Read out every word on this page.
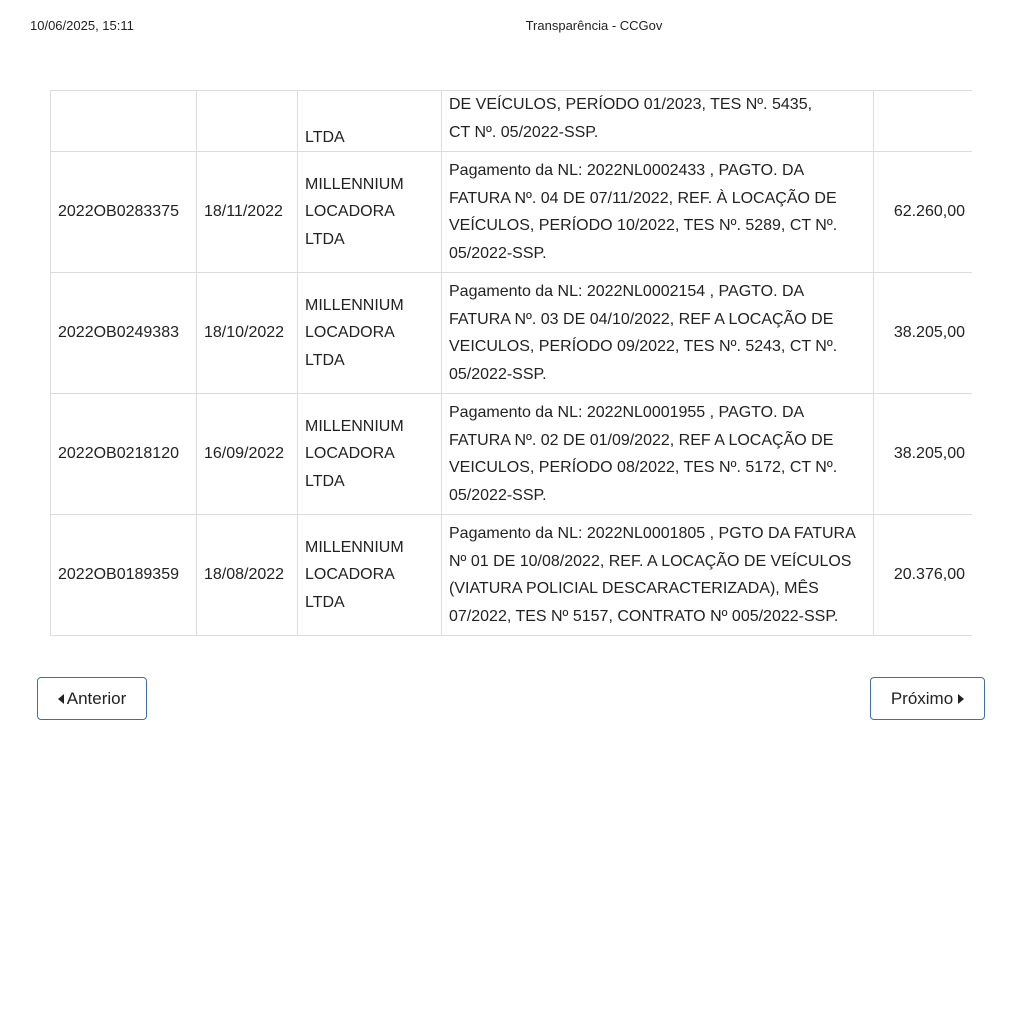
10/06/2025, 15:11	Transparência - CCGov
		LTDA	DE VEÍCULOS, PERÍODO 01/2023, TES Nº. 5435,
CT Nº. 05/2022-SSP.	

2022OB0283375	18/11/2022	MILLENNIUM LOCADORA LTDA	Pagamento da NL: 2022NL0002433 , PAGTO. DA FATURA Nº. 04 DE 07/11/2022, REF. À LOCAÇÃO DE VEÍCULOS, PERÍODO 10/2022, TES Nº. 5289, CT Nº. 05/2022-SSP.	62.260,00
2022OB0249383	18/10/2022	MILLENNIUM LOCADORA LTDA	Pagamento da NL: 2022NL0002154 , PAGTO. DA FATURA Nº. 03 DE 04/10/2022, REF A LOCAÇÃO DE VEICULOS, PERÍODO 09/2022, TES Nº. 5243, CT Nº. 05/2022-SSP.	38.205,00
2022OB0218120	16/09/2022	MILLENNIUM LOCADORA LTDA	Pagamento da NL: 2022NL0001955 , PAGTO. DA FATURA Nº. 02 DE 01/09/2022, REF A LOCAÇÃO DE VEICULOS, PERÍODO 08/2022, TES Nº. 5172, CT Nº. 05/2022-SSP.	38.205,00
2022OB0189359	18/08/2022	MILLENNIUM LOCADORA LTDA	Pagamento da NL: 2022NL0001805 , PGTO DA FATURA Nº 01 DE 10/08/2022, REF. A LOCAÇÃO DE VEÍCULOS (VIATURA POLICIAL DESCARACTERIZADA), MÊS 07/2022, TES Nº 5157, CONTRATO Nº 005/2022-SSP.	20.376,00
Anterior	Próximo
